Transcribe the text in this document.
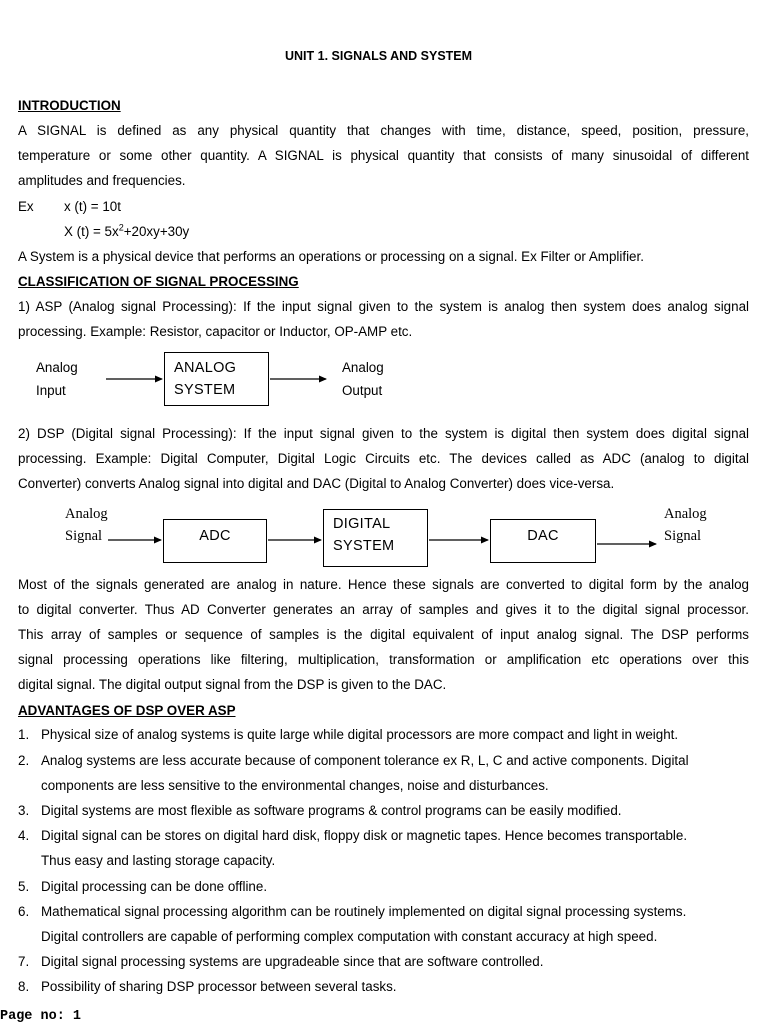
UNIT 1. SIGNALS AND SYSTEM
INTRODUCTION
A SIGNAL is defined as any physical quantity that changes with time, distance, speed, position, pressure,
temperature or some other quantity. A SIGNAL is physical quantity that consists of many sinusoidal of different
amplitudes and frequencies.
Ex x (t) = 10t
X $(t) = 5x^2+20xy+30y$
A System is a physical device that performs an operations or processing on a signal. Ex Filter or Amplifier.
CLASSIFICATION OF SIGNAL PROCESSING
1) ASP (Analog signal Processing): If the input signal given to the system is analog then system does analog signal
processing. Example: Resistor, capacitor or Inductor, OP-AMP etc.
Analog
Input
ANALOG
SYSTEM
Analog
Output
2) DSP (Digital signal Processing): If the input signal given to the system is digital then system does digital signal
processing. Example: Digital Computer, Digital Logic Circuits etc. The devices called as ADC (analog to digital
Converter) converts Analog signal into digital and DAC (Digital to Analog Converter) does vice-versa.
Analog
Signal	ADC
DIGITAL
SYSTEM
DAC
Analog
Signal
Most of the signals generated are analog in nature. Hence these signals are converted to digital form by the analog
to digital converter. Thus AD Converter generates an array of samples and gives it to the digital signal processor.
This array of samples or sequence of samples is the digital equivalent of input analog signal. The DSP performs
signal processing operations like filtering, multiplication, transformation or amplification etc operations over this
digital signal. The digital output signal from the DSP is given to the DAC.
ADVANTAGES OF DSP OVER ASP
1. Physical size of analog systems is quite large while digital processors are more compact and light in weight.
2. Analog systems are less accurate because of component tolerance ex R, L, C and active components. Digital
components are less sensitive to the environmental changes, noise and disturbances.
3. Digital systems are most flexible as software programs & control programs can be easily modified.
4. Digital signal can be stores on digital hard disk, floppy disk or magnetic tapes. Hence becomes transportable.
Thus easy and lasting storage capacity.
5. Digital processing can be done offline.
6. Mathematical signal processing algorithm can be routinely implemented on digital signal processing systems.
Digital controllers are capable of performing complex computation with constant accuracy at high speed.
7. Digital signal processing systems are upgradeable since that are software controlled.
8. Possibility of sharing DSP processor between several tasks.
Page no: 1
